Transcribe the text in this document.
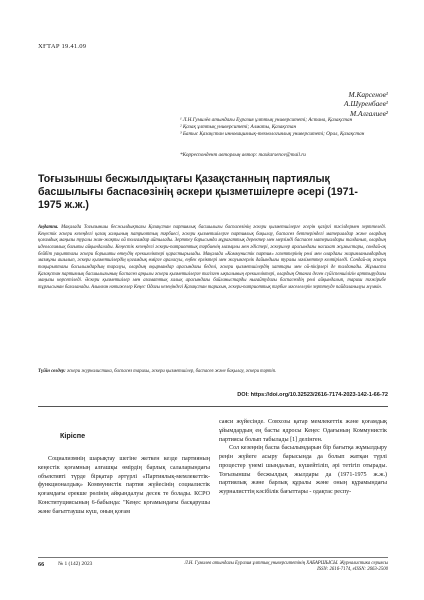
ХҒТАР 19.41.09
М.Карсенов¹
А.Шуренбаев¹
М.Алгалиев²

¹ Л.Н.Гумилёв атындағы Еуразия ұлттық университеті; Астана, Қазақстан

² Қазақ ұлттық университеті; Алматы, Қазақстан

³ Батыс Қазақстан инновациялық-технологиялық университеті; Орал, Қазақстан

*Корреспондент авторлың автор: maxkarsenov@mail.ru
Тоғызыншы бесжылдықтағы Қазақстанның партиялық басшылығы баспасөзінің әскери қызметшілерге әсері (1971-1975 ж.ж.)
Аңдатпа. Мақалада Тоғызыншы бесжылдықтағы Қазақстан партиялық басшылығы баспасөзінің әскери қызметшілерге әсерін қазіргі тәсілдермен зерттеледі. Кеңестік әскери кезеңдегі қазақ халқының патриоттық тәрбиесі, әскери қызметшілерге партиялық бақылау, баспасөз беттеріндегі материалдар және олардың қоғамдық маңызы туралы жан-жақты ой толғамдар айтылады. Зерттеу барысында мұрағаттық деректер мен мерзімді баспасөз материалдары талданып, олардың идеологиялық бағыты айқындалады. Кеңестік кезеңдегі әскери-патриоттық тәрбиенің мазмұны мен әдістері, әскерилер арасындағы насихат жұмыстары, сондай-ақ бейбіт уақыттағы әскери борышты өтеудің ерекшеліктері қарастырылады. Мақалада «Коммунистік партия» газеттерінің рөлі мен олардағы жарияланымдардың мазмұны ашылып, әскери қызметшілердің қоғамдық өмірге араласуы, еңбек ерліктері мен жауынгерлік дайындығы туралы мәліметтер келтіріледі. Сондай-ақ әскери тақырыптағы басылымдардың таралуы, олардың оқырмандар арасындағы беделі, әскери қызметшілердің хаттары мен ой-пікірлері де талданады. Жұмыста Қазақстан партиялық басшылығының баспасөз арқылы әскери қызметшілерге тигізген ықпалының ерекшеліктері, олардың Отанға деген сүйіспеншілігін арттырудағы маңызы көрсетіледі. Әскери қызметшілер мен азаматтық халық арасындағы байланыстарды нығайтудағы баспасөздің рөлі айқындалып, тарихи тәжірибе тұрғысынан бағаланады. Алынған нәтижелер Кеңес Одағы кезеңіндегі Қазақстан тарихын, әскери-патриоттық тәрбие мәселелерін зерттеуде пайдаланылуы мүмкін.
Түйін сөздер: әскери журналистика, баспасөз тарихы, әскери қызметшілер, баспасөз және бақылау, әскери тәртіп.
DOI: https://doi.org/10.32523/2616-7174-2023-142-1-66-72
Кіріспе

Социализмнің шарықтау шегіне жеткен кезде партияның кеңестік қоғамның алғашқы өмірдің барлық салаларындағы объективті түрде бірқатар әртүрлі «Партиялық-мемлекеттік-функционалдық» Коммунистік партия жүйесінің социалистік қоғамдағы ерекше рөлінің айқындалуы десек те болады. КСРО Конституциясының 6-бабында: "Кеңес қоғамындағы басқарушы және бағыттаушы күш, оның қоғам

саяси жүйесінде. Совхозы қатар мемлекеттік және қоғамдық ұйымдардың ең басты ядросы Кеңес Одағының Коммунистік партиясы болып табылады [1] делінген.

Сол кезеңнің баспа басылымдарын бір бағытқа жұмылдыру реңін жүйеге асыру барысында да болып жатқан түрлі процестер үнемі шындалып, күшейтіліп, әрі тетігіп отырады. Тоғызыншы бесжылдық жылдары да (1971-1975 ж.ж.) партиялық және барлық құралы және оның құрамындағы журналисттің кәсібілік бағыттары - одақтас респу-

66	№ 1 (142) 2023	Л.Н. Гумилев атындағы Еуразия ұлттық университетінің ХАБАРШЫСЫ. Журналистика сериясы
ISSN: 2616-7174, eISSN: 2663-2500
